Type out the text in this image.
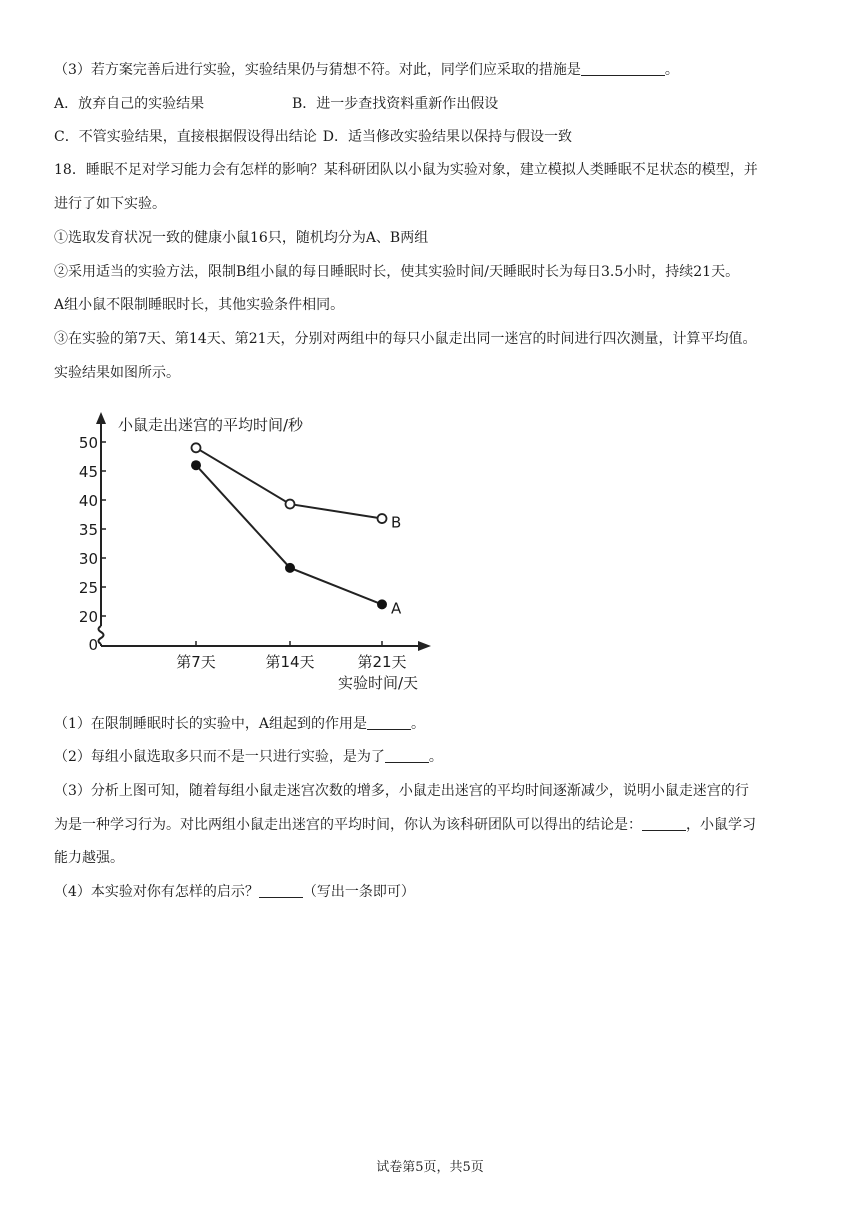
（3）若方案完善后进行实验，实验结果仍与猜想不符。对此，同学们应采取的措施是	。
A．放弃自己的实验结果	B．进一步查找资料重新作出假设
C．不管实验结果，直接根据假设得出结论 D．适当修改实验结果以保持与假设一致
18．睡眠不足对学习能力会有怎样的影响？某科研团队以小鼠为实验对象，建立模拟人类睡眠不足状态的模型，并
进行了如下实验。
①选取发育状况一致的健康小鼠16只，随机均分为A、B两组
②采用适当的实验方法，限制B组小鼠的每日睡眠时长，使其实验时间/天睡眠时长为每日3.5小时，持续21天。
A组小鼠不限制睡眠时长，其他实验条件相同。
③在实验的第7天、第14天、第21天，分别对两组中的每只小鼠走出同一迷宫的时间进行四次测量，计算平均值。
实验结果如图所示。
小鼠走出迷宫的平均时间/秒
实验时间/天
0
20
25
30
35
40
45
50
第7天	第14天	第21天
A
B
（1）在限制睡眠时长的实验中，A组起到的作用是	。
（2）每组小鼠选取多只而不是一只进行实验，是为了	。
（3）分析上图可知，随着每组小鼠走迷宫次数的增多，小鼠走出迷宫的平均时间逐渐减少，说明小鼠走迷宫的行
为是一种学习行为。对比两组小鼠走出迷宫的平均时间，你认为该科研团队可以得出的结论是：	，小鼠学习
能力越强。
（4）本实验对你有怎样的启示？	（写出一条即可）
试卷第5页，共5页
